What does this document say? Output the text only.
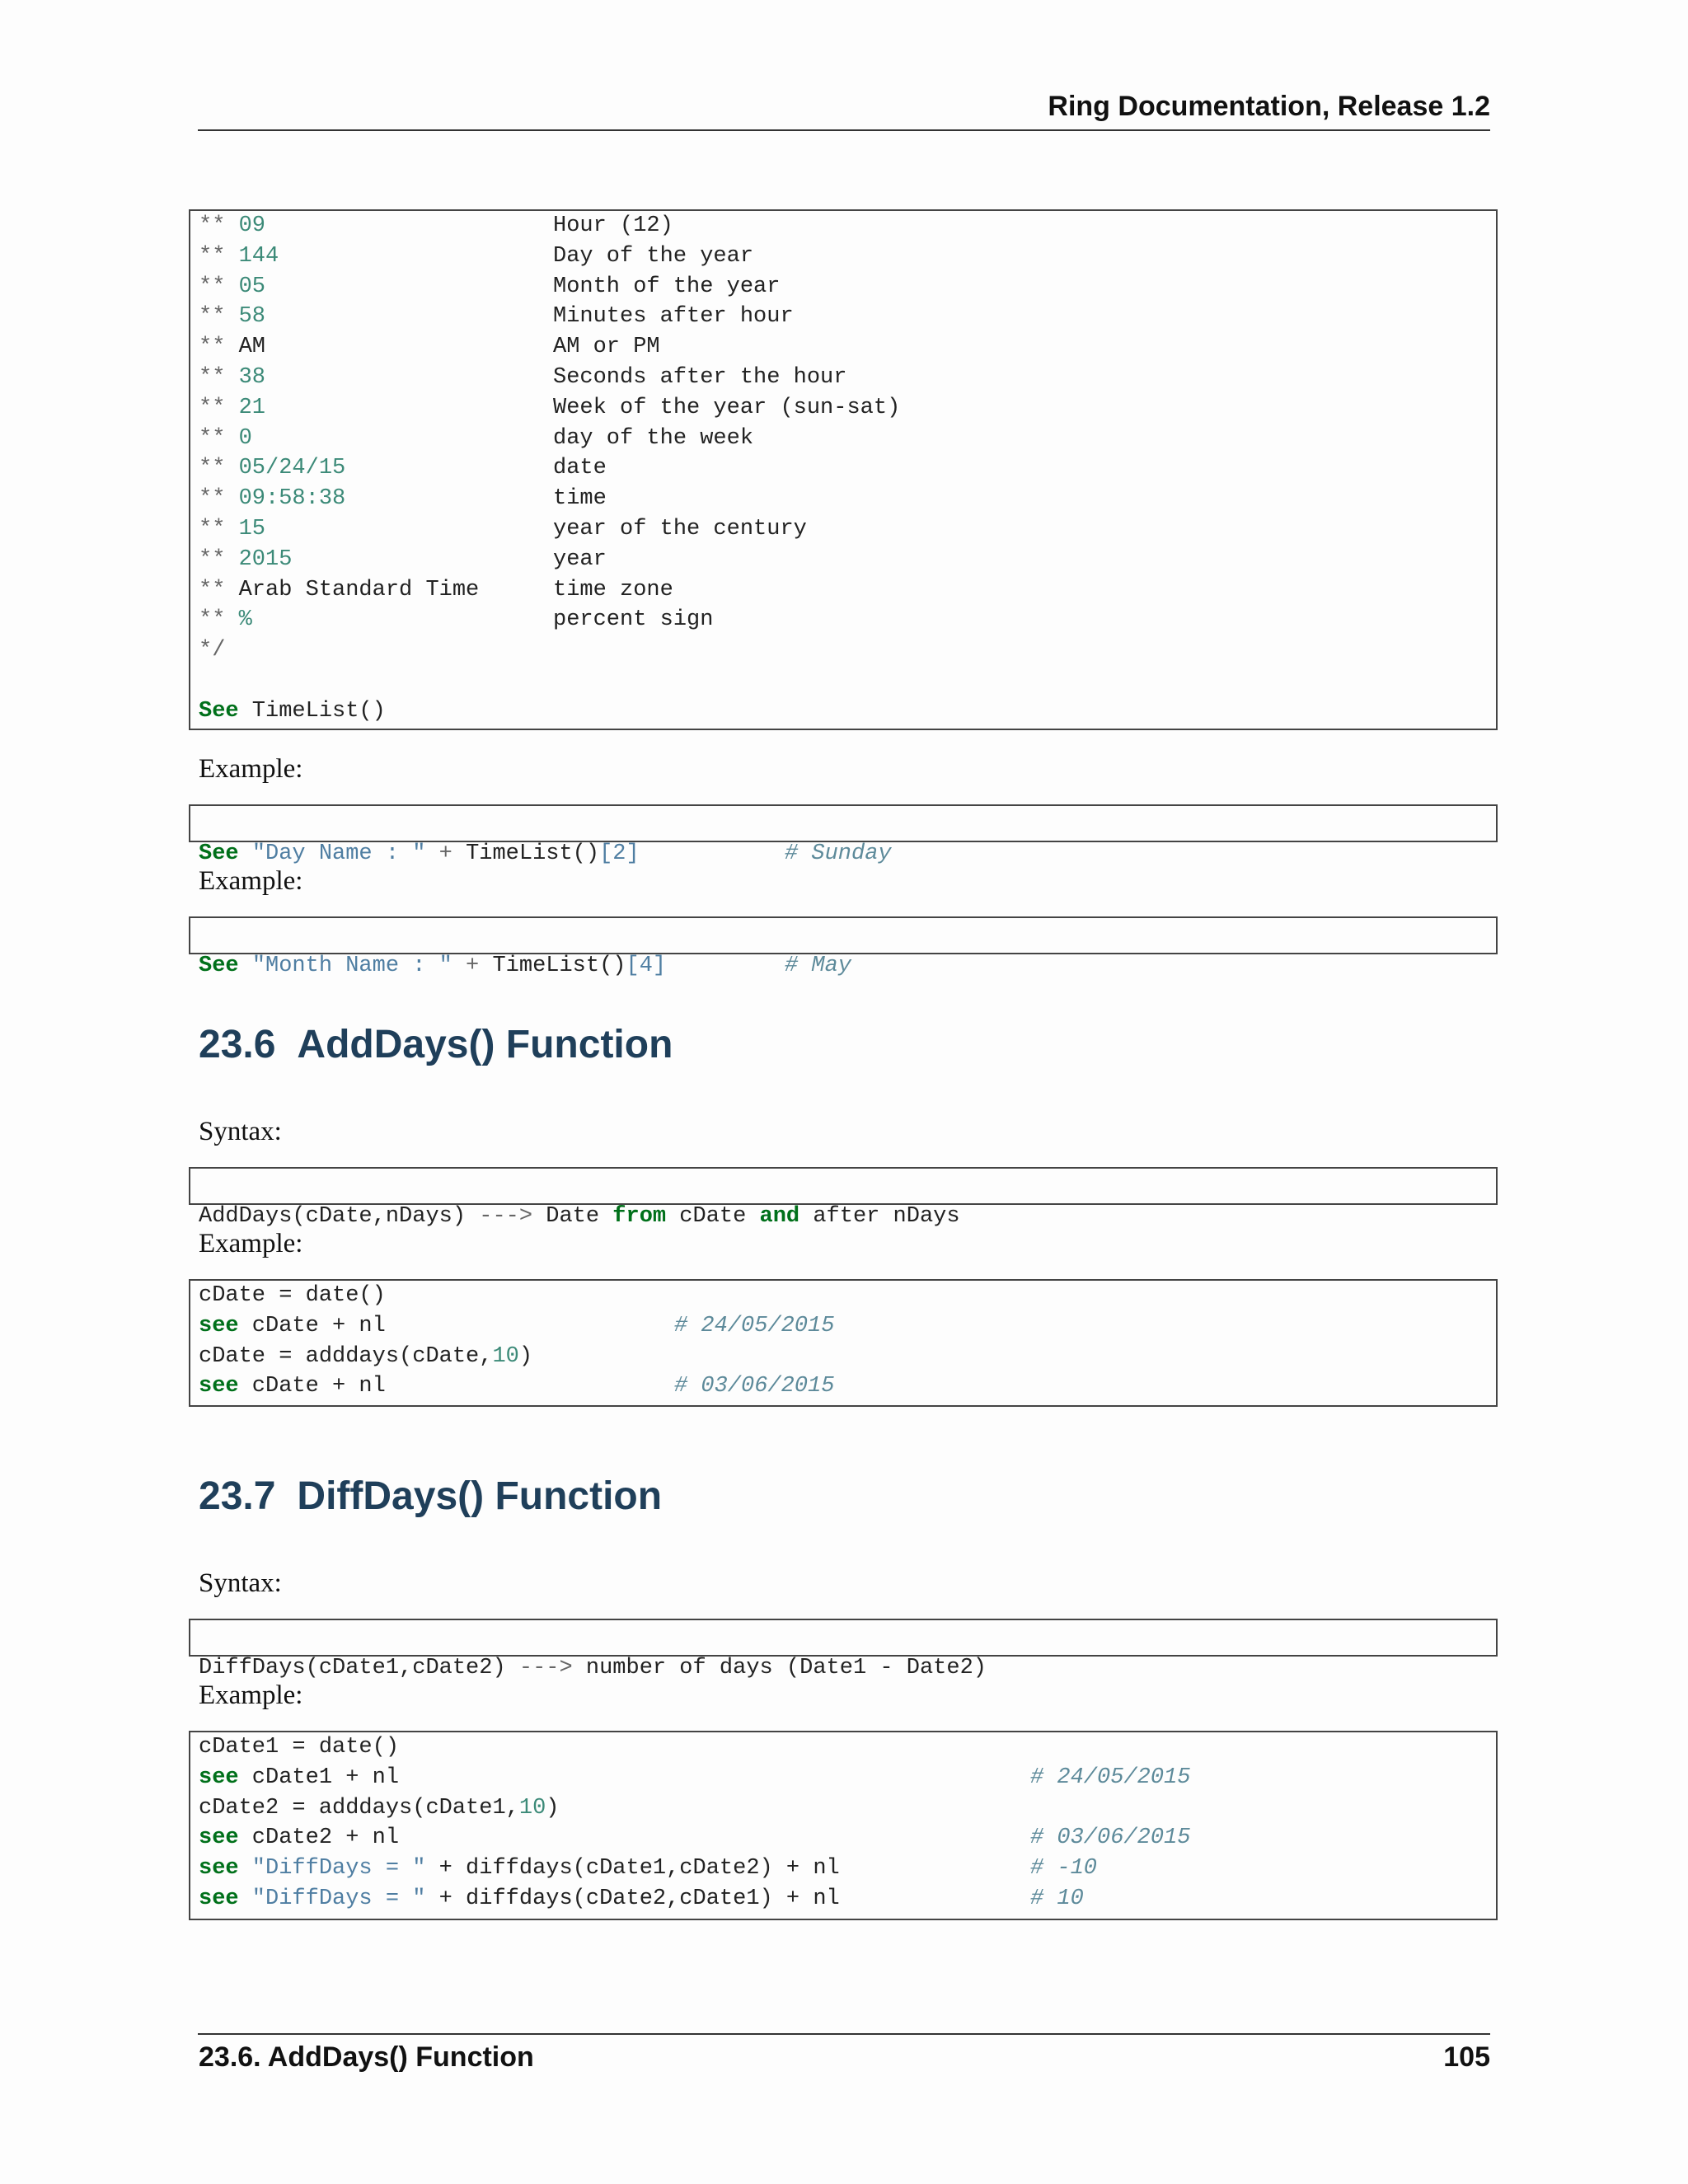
Ring Documentation, Release 1.2
** 09	Hour (12)
** 144	Day of the year
** 05	Month of the year
** 58	Minutes after hour
** AM	AM or PM
** 38	Seconds after the hour
** 21	Week of the year (sun-sat)
** 0	day of the week
** 05/24/15	date
** 09:58:38	time
** 15	year of the century
** 2015	year
** Arab Standard Time	time zone
** %	percent sign
*/
See TimeList()
Example:

See "Day Name : " + TimeList()[2]	# Sunday

Example:

See "Month Name : " + TimeList()[4]	# May

23.6 AddDays() Function
Syntax:

AddDays(cDate,nDays) ---> Date from cDate and after nDays

Example:
cDate = date()
see cDate + nl	# 24/05/2015
cDate = adddays(cDate,10)
see cDate + nl	# 03/06/2015
23.7 DiffDays() Function
Syntax:

DiffDays(cDate1,cDate2) ---> number of days (Date1 - Date2)

Example:
cDate1 = date()
see cDate1 + nl	# 24/05/2015
cDate2 = adddays(cDate1,10)
see cDate2 + nl	# 03/06/2015
see "DiffDays = " + diffdays(cDate1,cDate2) + nl	# -10
see "DiffDays = " + diffdays(cDate2,cDate1) + nl	# 10
23.6. AddDays() Function	105
